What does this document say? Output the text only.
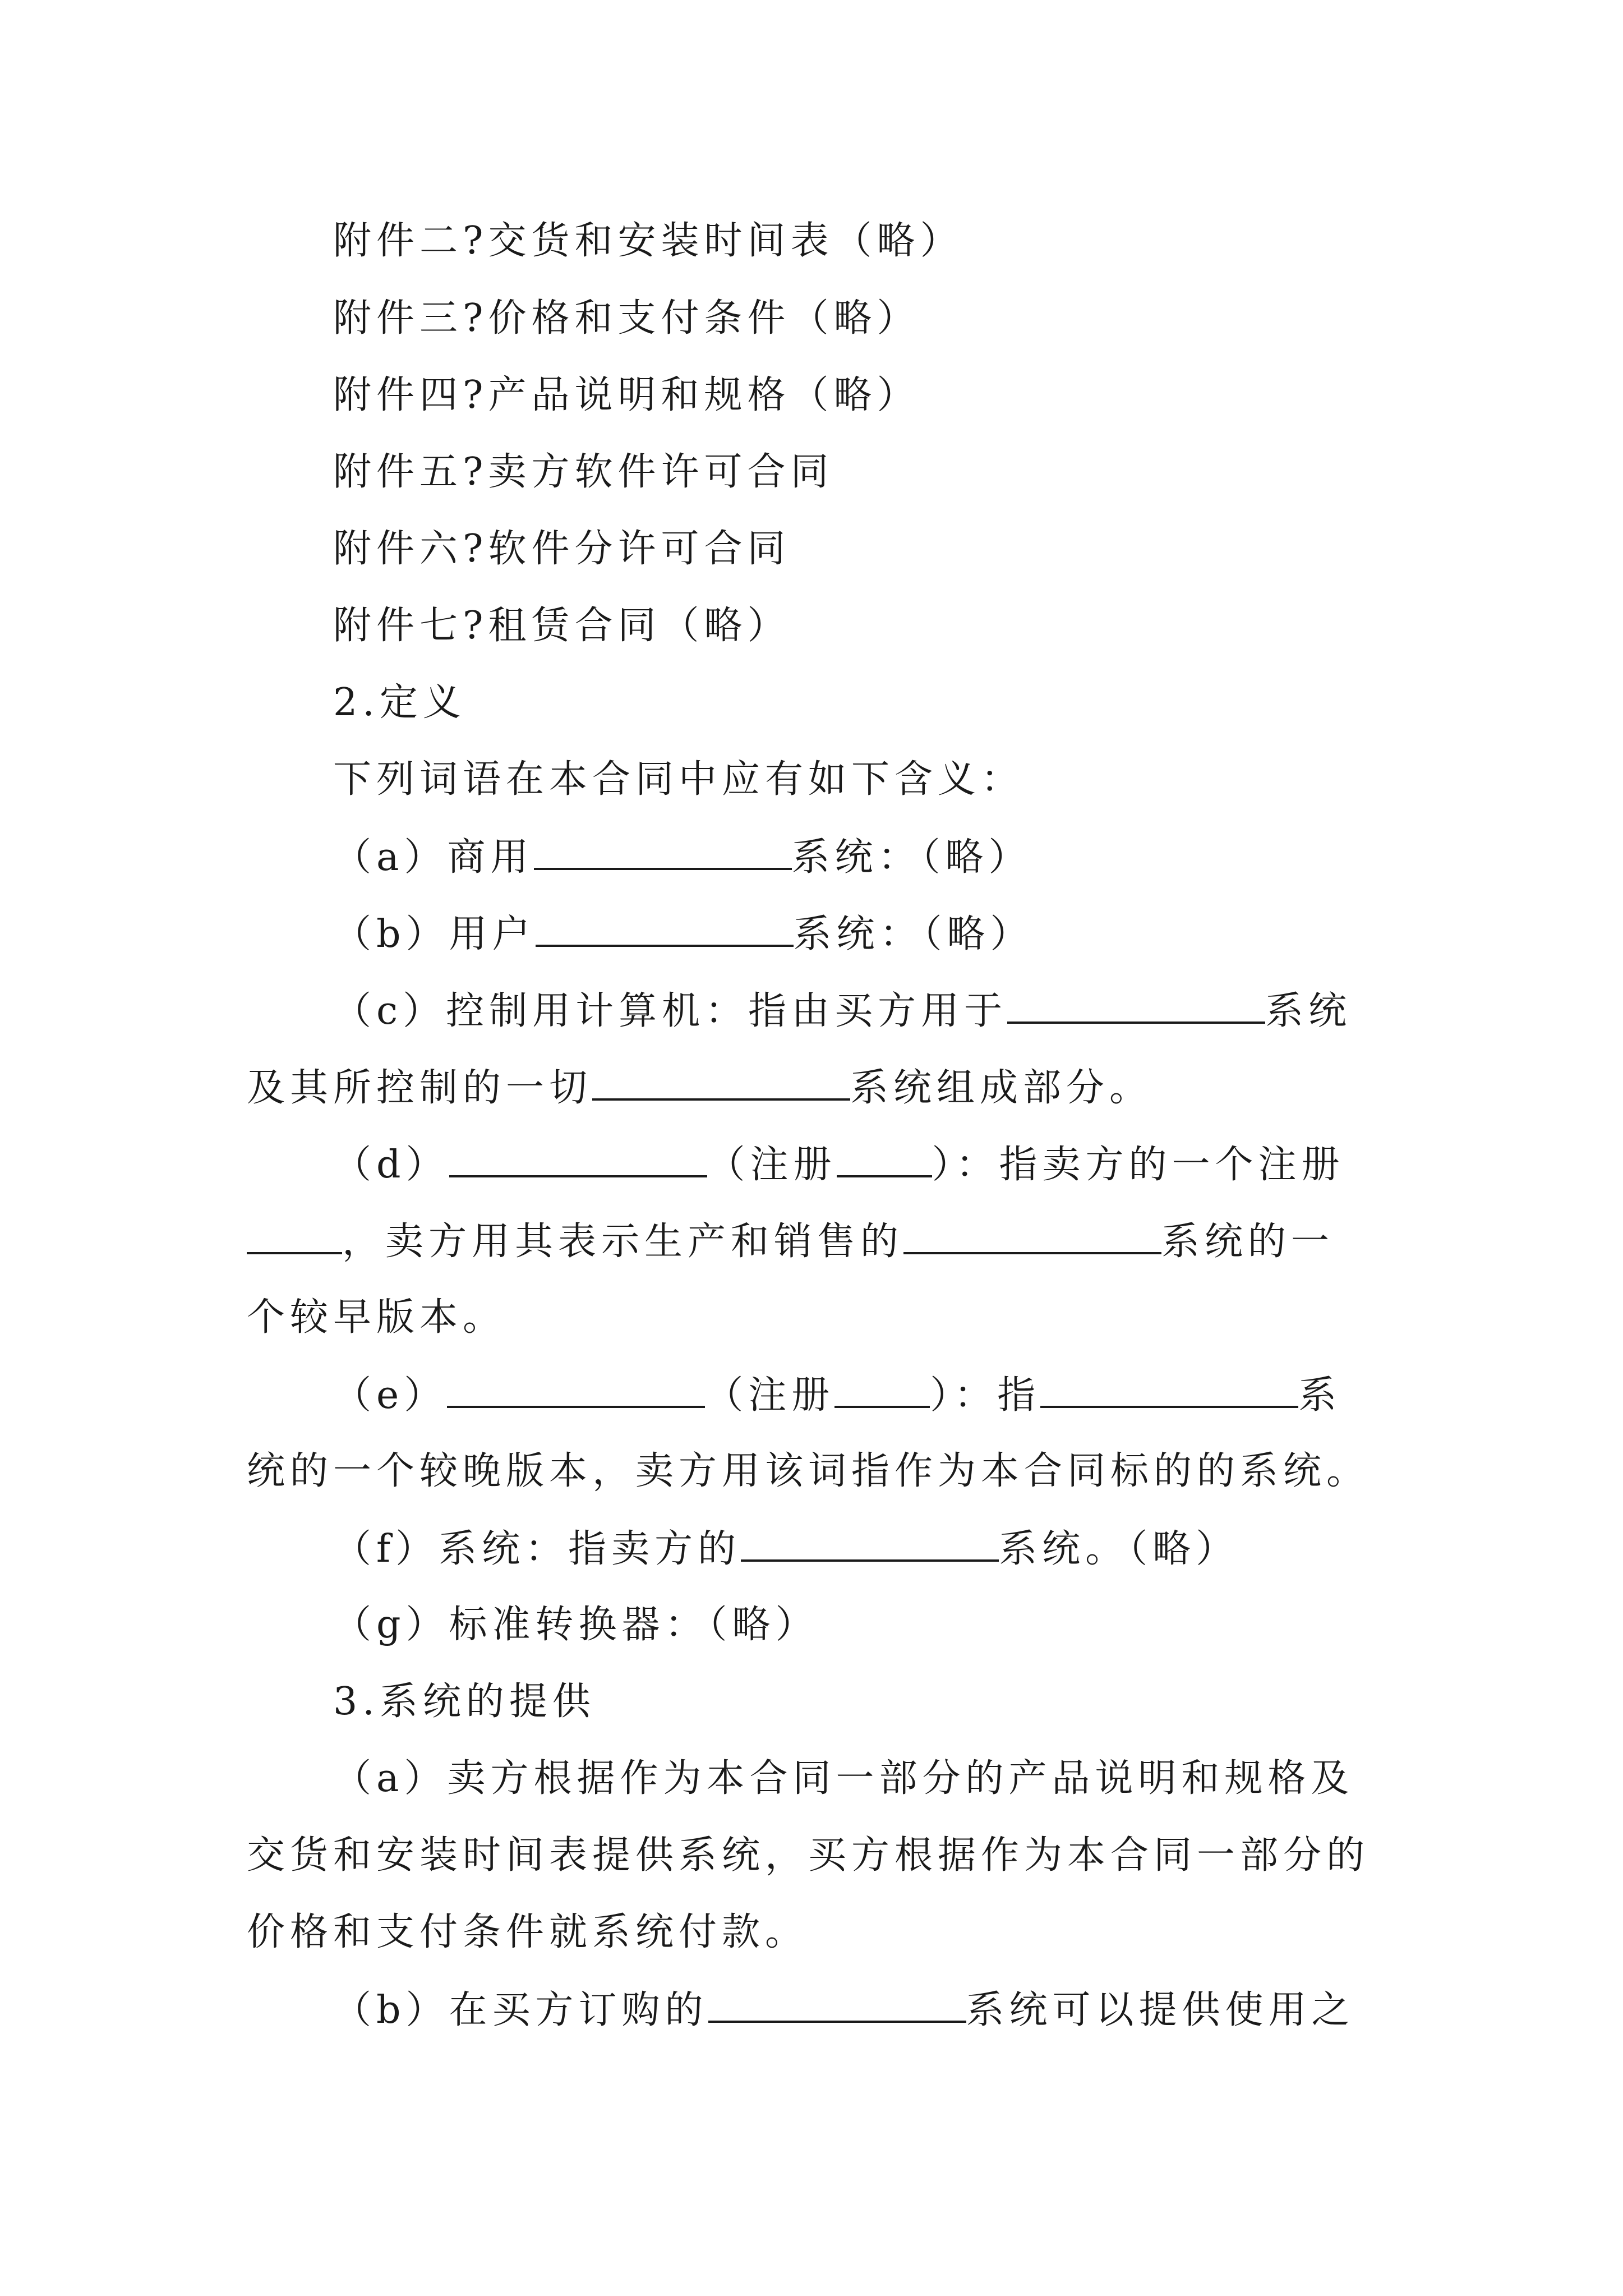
附件二?交货和安装时间表（略）
附件三?价格和支付条件（略）
附件四?产品说明和规格（略）
附件五?卖方软件许可合同
附件六?软件分许可合同
附件七?租赁合同（略）
2.定义
下列词语在本合同中应有如下含义：
（a）商用	系统：（略）
（b）用户	系统：（略）
（c）控制用计算机：指由买方用于	系统
及其所控制的一切	系统组成部分。
（d）	（注册	）：指卖方的一个注册
，卖方用其表示生产和销售的	系统的一
个较早版本。
（e）	（注册	）：指	系
统的一个较晚版本，卖方用该词指作为本合同标的的系统。
（f）系统：指卖方的	系统。（略）
（g）标准转换器：（略）
3.系统的提供
（a）卖方根据作为本合同一部分的产品说明和规格及
交货和安装时间表提供系统，买方根据作为本合同一部分的
价格和支付条件就系统付款。
（b）在买方订购的	系统可以提供使用之
